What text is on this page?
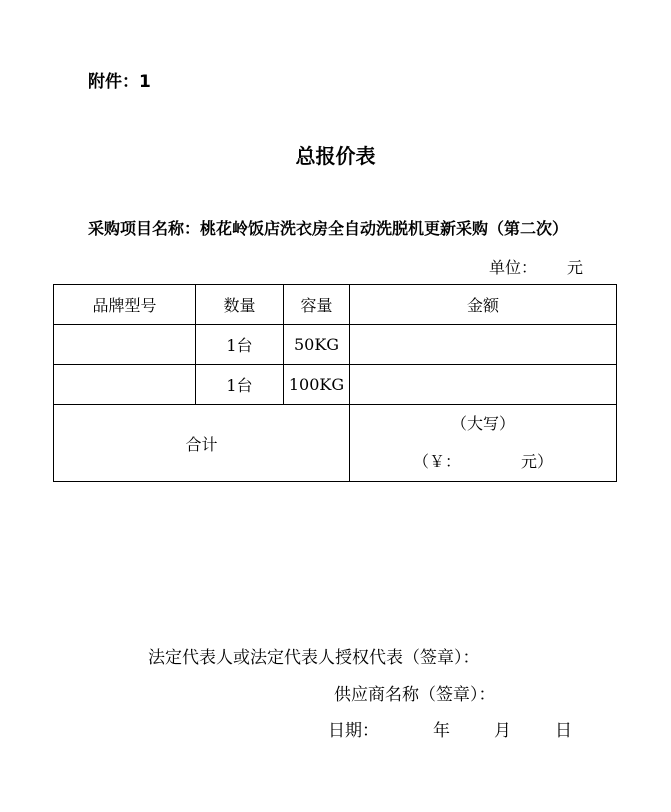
附件：1
总报价表
采购项目名称：桃花岭饭店洗衣房全自动洗脱机更新采购（第二次）
单位： 元
品牌型号	数量	容量	金额
	1台	50KG	
	1台	100KG	
合计			（大写）
（￥： 元）
法定代表人或法定代表人授权代表（签章）：
供应商名称（签章）：
日期：	年	月	日
